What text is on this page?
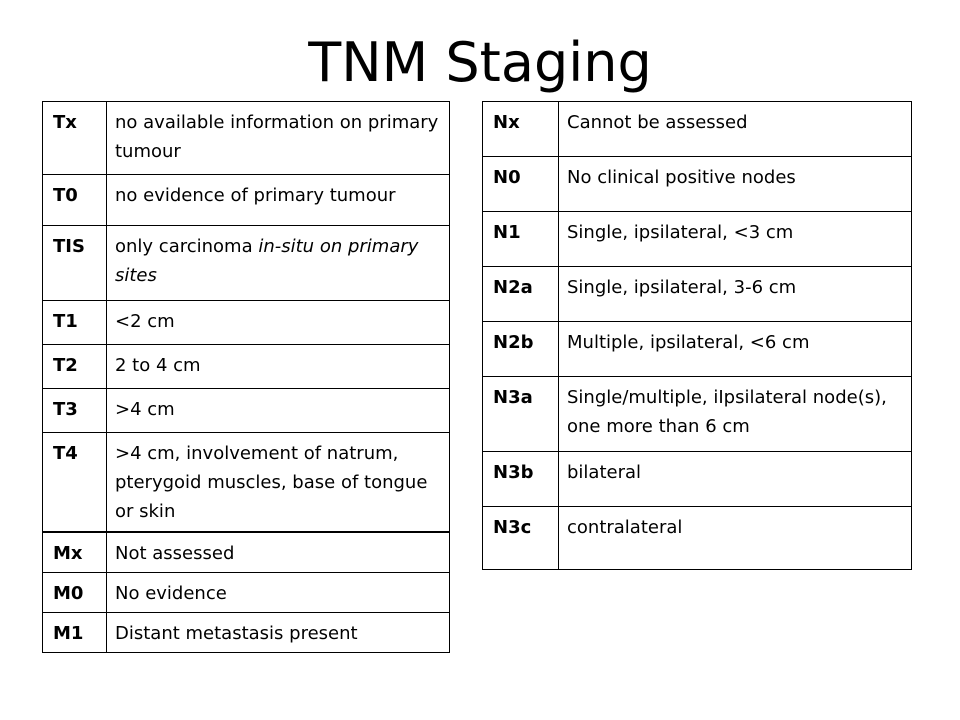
TNM Staging
Tx	no available information on primary tumour
T0	no evidence of primary tumour
TIS	only carcinoma in-situ on primary sites
T1	<2 cm
T2	2 to 4 cm
T3	>4 cm
T4	>4 cm, involvement of natrum, pterygoid muscles, base of tongue or skin
Mx	Not assessed
M0	No evidence
M1	Distant metastasis present
Nx	Cannot be assessed
N0	No clinical positive nodes
N1	Single, ipsilateral, <3 cm
N2a	Single, ipsilateral, 3-6 cm
N2b	Multiple, ipsilateral, <6 cm
N3a	Single/multiple, iIpsilateral node(s), one more than 6 cm
N3b	bilateral
N3c	contralateral
